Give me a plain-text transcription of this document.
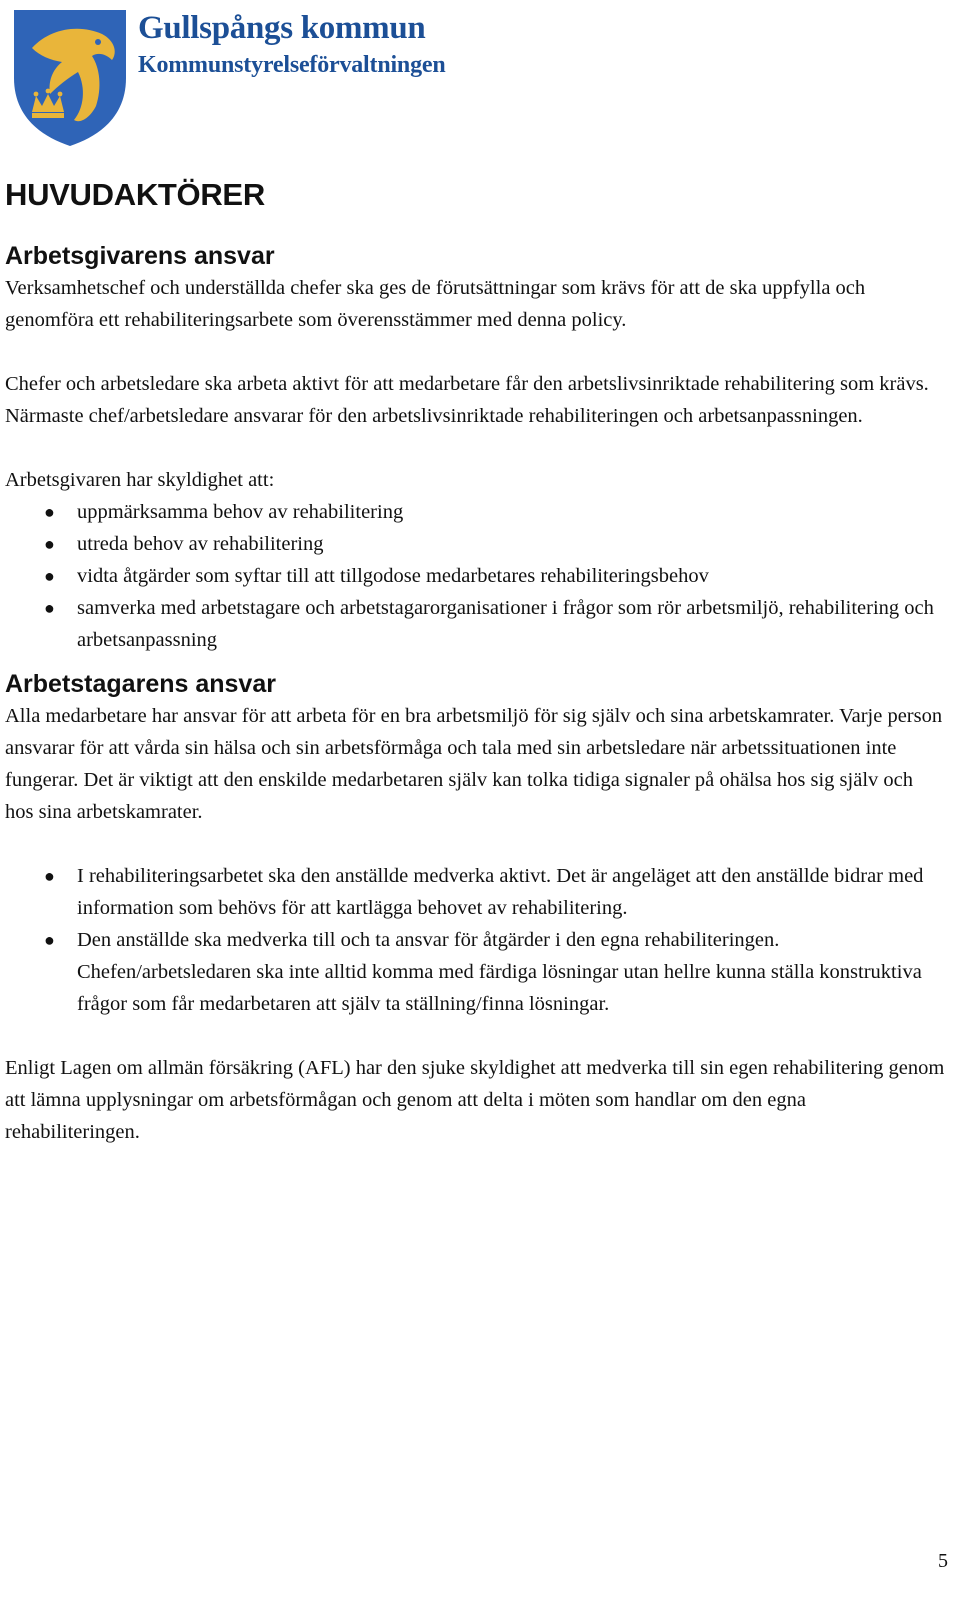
Gullspångs kommun
Kommunstyrelseförvaltningen
HUVUDAKTÖRER
Arbetsgivarens ansvar

Verksamhetschef och underställda chefer ska ges de förutsättningar som krävs för att de ska uppfylla och genomföra ett rehabiliteringsarbete som överensstämmer med denna policy.

Chefer och arbetsledare ska arbeta aktivt för att medarbetare får den arbetslivsinriktade rehabilitering som krävs. Närmaste chef/arbetsledare ansvarar för den arbetslivsinriktade rehabiliteringen och arbetsanpassningen.

Arbetsgivaren har skyldighet att:

● uppmärksamma behov av rehabilitering
● utreda behov av rehabilitering
● vidta åtgärder som syftar till att tillgodose medarbetares rehabiliteringsbehov
● samverka med arbetstagare och arbetstagarorganisationer i frågor som rör arbetsmiljö, rehabilitering och arbetsanpassning
Arbetstagarens ansvar

Alla medarbetare har ansvar för att arbeta för en bra arbetsmiljö för sig själv och sina arbetskamrater. Varje person ansvarar för att vårda sin hälsa och sin arbetsförmåga och tala med sin arbetsledare när arbetssituationen inte fungerar. Det är viktigt att den enskilde medarbetaren själv kan tolka tidiga signaler på ohälsa hos sig själv och hos sina arbetskamrater.

● I rehabiliteringsarbetet ska den anställde medverka aktivt. Det är angeläget att den anställde bidrar med information som behövs för att kartlägga behovet av rehabilitering.
● Den anställde ska medverka till och ta ansvar för åtgärder i den egna rehabiliteringen. Chefen/arbetsledaren ska inte alltid komma med färdiga lösningar utan hellre kunna ställa konstruktiva frågor som får medarbetaren att själv ta ställning/finna lösningar.

Enligt Lagen om allmän försäkring (AFL) har den sjuke skyldighet att medverka till sin egen rehabilitering genom att lämna upplysningar om arbetsförmågan och genom att delta i möten som handlar om den egna rehabiliteringen.

5
